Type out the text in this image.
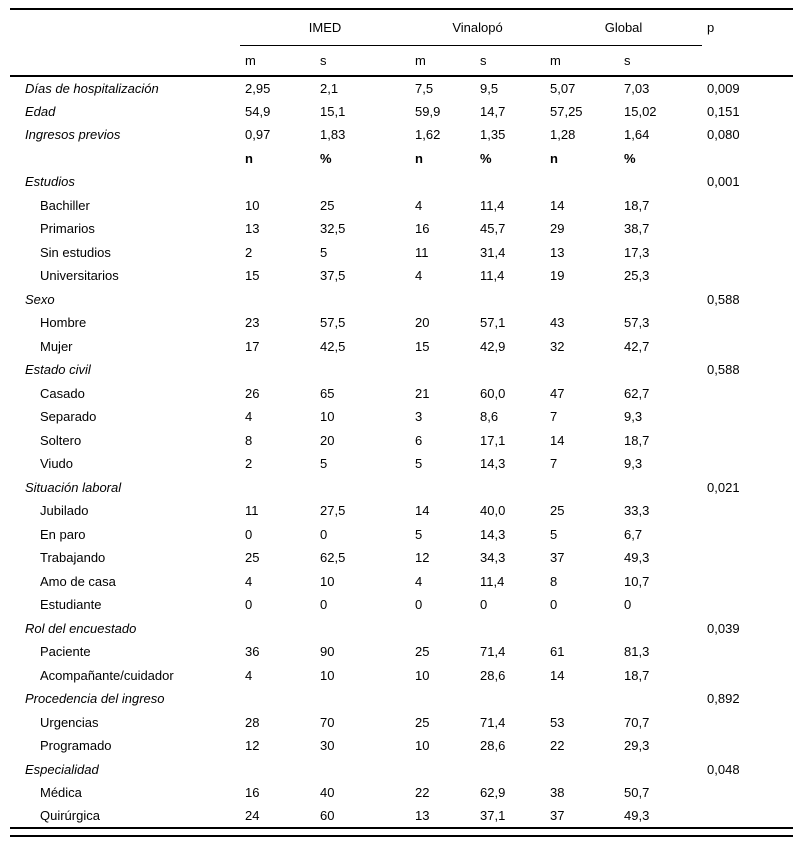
	IMED		Vinalopó		Global		p
	m	s	m	s	m	s	
Días de hospitalización	2,95	2,1	7,5	9,5	5,07	7,03	0,009
Edad	54,9	15,1	59,9	14,7	57,25	15,02	0,151
Ingresos previos	0,97	1,83	1,62	1,35	1,28	1,64	0,080
	n	%	n	%	n	%	
Estudios							0,001
Bachiller	10	25	4	11,4	14	18,7	
Primarios	13	32,5	16	45,7	29	38,7	
Sin estudios	2	5	11	31,4	13	17,3	
Universitarios	15	37,5	4	11,4	19	25,3	
Sexo							0,588
Hombre	23	57,5	20	57,1	43	57,3	
Mujer	17	42,5	15	42,9	32	42,7	
Estado civil							0,588
Casado	26	65	21	60,0	47	62,7	
Separado	4	10	3	8,6	7	9,3	
Soltero	8	20	6	17,1	14	18,7	
Viudo	2	5	5	14,3	7	9,3	
Situación laboral							0,021
Jubilado	11	27,5	14	40,0	25	33,3	
En paro	0	0	5	14,3	5	6,7	
Trabajando	25	62,5	12	34,3	37	49,3	
Amo de casa	4	10	4	11,4	8	10,7	
Estudiante	0	0	0	0	0	0	
Rol del encuestado							0,039
Paciente	36	90	25	71,4	61	81,3	
Acompañante/cuidador	4	10	10	28,6	14	18,7	
Procedencia del ingreso							0,892
Urgencias	28	70	25	71,4	53	70,7	
Programado	12	30	10	28,6	22	29,3	
Especialidad							0,048
Médica	16	40	22	62,9	38	50,7	
Quirúrgica	24	60	13	37,1	37	49,3	
